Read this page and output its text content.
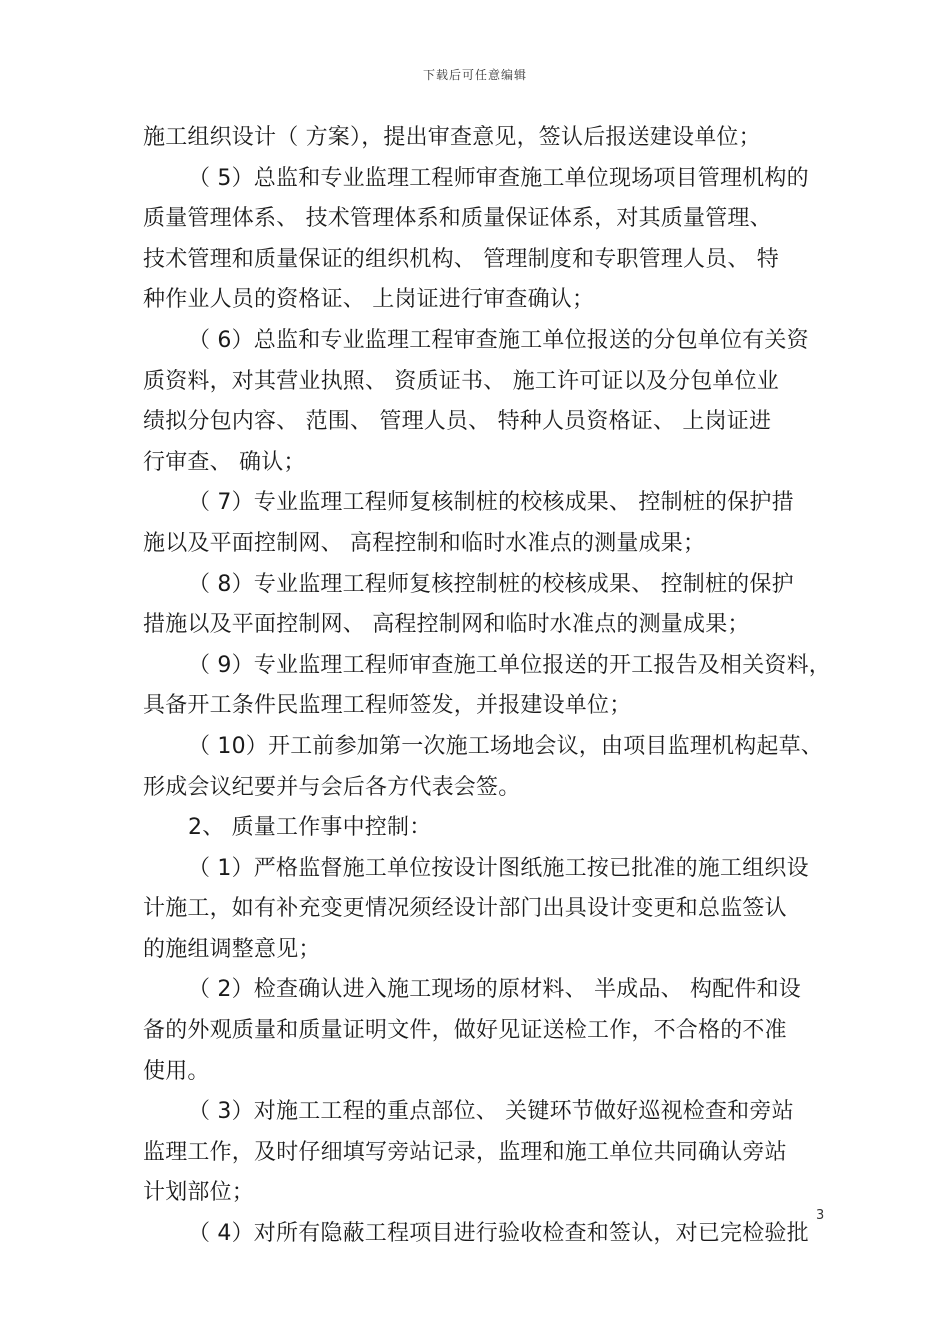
下载后可任意编辑
施工组织设计（ 方案），提出审查意见，签认后报送建设单位；
（ 5）总监和专业监理工程师审查施工单位现场项目管理机构的
质量管理体系、 技术管理体系和质量保证体系，对其质量管理、
技术管理和质量保证的组织机构、 管理制度和专职管理人员、 特
种作业人员的资格证、 上岗证进行审查确认；
（ 6）总监和专业监理工程审查施工单位报送的分包单位有关资
质资料，对其营业执照、 资质证书、 施工许可证以及分包单位业
绩拟分包内容、 范围、 管理人员、 特种人员资格证、 上岗证进
行审查、 确认；
（ 7）专业监理工程师复核制桩的校核成果、 控制桩的保护措
施以及平面控制网、 高程控制和临时水准点的测量成果；
（ 8）专业监理工程师复核控制桩的校核成果、 控制桩的保护
措施以及平面控制网、 高程控制网和临时水准点的测量成果；
（ 9）专业监理工程师审查施工单位报送的开工报告及相关资料，
具备开工条件民监理工程师签发，并报建设单位；
（ 10）开工前参加第一次施工场地会议，由项目监理机构起草、
形成会议纪要并与会后各方代表会签。
2、 质量工作事中控制：
（ 1）严格监督施工单位按设计图纸施工按已批准的施工组织设
计施工，如有补充变更情况须经设计部门出具设计变更和总监签认
的施组调整意见；
（ 2）检查确认进入施工现场的原材料、 半成品、 构配件和设
备的外观质量和质量证明文件，做好见证送检工作，不合格的不准
使用。
（ 3）对施工工程的重点部位、 关键环节做好巡视检查和旁站
监理工作，及时仔细填写旁站记录，监理和施工单位共同确认旁站
计划部位；
（ 4）对所有隐蔽工程项目进行验收检查和签认，对已完检验批
3
